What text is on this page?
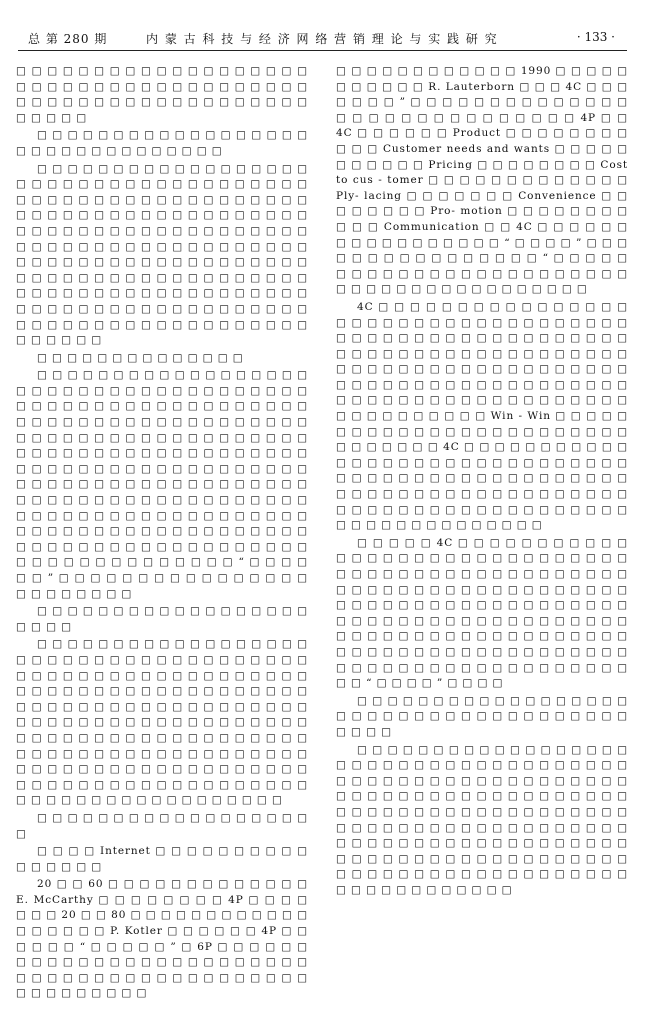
总 第 280 期	内 蒙 古 科 技 与 经 济 网 络 营 销 理 论 与 实 践 研 究	· 133 ·

□ □ □ □ □ □ □ □ □ □ □ □ □ □ □ □ □ □ □ □ □ □ □ □ □ □ □ □ □ □ □ □ □ □ □ □ □ □ □ □ □ □ □ □ □ □ □ □ □ □ □ □ □ □ □ □ □ □ □ □ □ □

□ □ □ □ □ □ □ □ □ □ □ □ □ □ □ □ □ □ □ □ □ □ □ □ □ □ □ □ □ □ □ □

□ □ □ □ □ □ □ □ □ □ □ □ □ □ □ □ □ □ □ □ □ □ □ □ □ □ □ □ □ □ □ □ □ □ □ □ □ □ □ □ □ □ □ □ □ □ □ □ □ □ □ □ □ □ □ □ □ □ □ □ □ □ □ □ □ □ □ □ □ □ □ □ □ □ □ □ □ □ □ □ □ □ □ □ □ □ □ □ □ □ □ □ □ □ □ □ □ □ □ □ □ □ □ □ □ □ □ □ □ □ □ □ □ □ □ □ □ □ □ □ □ □ □ □ □ □ □ □ □ □ □ □ □ □ □ □ □ □ □ □ □ □ □ □ □ □ □ □ □ □ □ □ □ □ □ □ □ □ □ □ □ □ □ □ □ □ □ □ □ □ □ □ □ □ □ □ □ □ □ □ □ □ □ □ □ □ □ □ □ □ □ □ □ □ □ □ □ □ □ □ □ □ □ □ □ □ □ □ □ □ □ □ □ □

□ □ □ □ □ □ □ □ □ □ □ □ □ □

□ □ □ □ □ □ □ □ □ □ □ □ □ □ □ □ □ □ □ □ □ □ □ □ □ □ □ □ □ □ □ □ □ □ □ □ □ □ □ □ □ □ □ □ □ □ □ □ □ □ □ □ □ □ □ □ □ □ □ □ □ □ □ □ □ □ □ □ □ □ □ □ □ □ □ □ □ □ □ □ □ □ □ □ □ □ □ □ □ □ □ □ □ □ □ □ □ □ □ □ □ □ □ □ □ □ □ □ □ □ □ □ □ □ □ □ □ □ □ □ □ □ □ □ □ □ □ □ □ □ □ □ □ □ □ □ □ □ □ □ □ □ □ □ □ □ □ □ □ □ □ □ □ □ □ □ □ □ □ □ □ □ □ □ □ □ □ □ □ □ □ □ □ □ □ □ □ □ □ □ □ □ □ □ □ □ □ □ □ □ □ □ □ □ □ □ □ □ □ □ □ □ □ □ □ □ □ □ □ □ □ □ □ □ □ □ □ □ □ □ □ □ □ □ □ □ □ □ □ □ □ □ □ □ □ □ □ □ □ □ □ “ □ □ □ □ □ □ ” □ □ □ □ □ □ □ □ □ □ □ □ □ □ □ □ □ □ □ □ □ □ □ □

□ □ □ □ □ □ □ □ □ □ □ □ □ □ □ □ □ □ □ □ □ □

□ □ □ □ □ □ □ □ □ □ □ □ □ □ □ □ □ □ □ □ □ □ □ □ □ □ □ □ □ □ □ □ □ □ □ □ □ □ □ □ □ □ □ □ □ □ □ □ □ □ □ □ □ □ □ □ □ □ □ □ □ □ □ □ □ □ □ □ □ □ □ □ □ □ □ □ □ □ □ □ □ □ □ □ □ □ □ □ □ □ □ □ □ □ □ □ □ □ □ □ □ □ □ □ □ □ □ □ □ □ □ □ □ □ □ □ □ □ □ □ □ □ □ □ □ □ □ □ □ □ □ □ □ □ □ □ □ □ □ □ □ □ □ □ □ □ □ □ □ □ □ □ □ □ □ □ □ □ □ □ □ □ □ □ □ □ □ □ □ □ □ □ □ □ □ □ □ □ □ □ □ □ □ □ □ □ □ □ □ □ □ □ □ □ □ □ □ □ □ □ □ □ □ □ □ □ □

□ □ □ □ □ □ □ □ □ □ □ □ □ □ □ □ □ □ □

□ □ □ □ Internet □ □ □ □ □ □ □ □ □ □ □ □ □ □ □ □

20 □ □ 60 □ □ □ □ □ □ □ □ □ □ □ □ □ E. McCarthy □ □ □ □ □ □ □ □ 4P □ □ □ □ □ □ □ 20 □ □ 80 □ □ □ □ □ □ □ □ □ □ □ □ □ □ □ □ □ □ P. Kotler □ □ □ □ □ □ 4P □ □ □ □ □ □ “ □ □ □ □ □ ” □ 6P □ □ □ □ □ □ □ □ □ □ □ □ □ □ □ □ □ □ □ □ □ □ □ □ □ □ □ □ □ □ □ □ □ □ □ □ □ □ □ □ □ □ □ □ □ □ □ □ □ □ □ □ □

□ □ □ □ □ □ □ □ □ □ □ □ 1990 □ □ □ □ □ □ □ □ □ □ □ R. Lauterborn □ □ □ 4C □ □ □ □ □ □ □ ” □ □ □ □ □ □ □ □ □ □ □ □ □ □ □ □ □ □ □ □ □ □ □ □ □ □ □ □ □ 4P □ □ 4C □ □ □ □ □ □ Product □ □ □ □ □ □ □ □ □ □ □ Customer needs and wants □ □ □ □ □ □ □ □ □ □ □ Pricing □ □ □ □ □ □ □ □ Cost to cus - tomer □ □ □ □ □ □ □ □ □ □ □ □ □ Ply- lacing □ □ □ □ □ □ □ Convenience □ □ □ □ □ □ □ □ Pro- motion □ □ □ □ □ □ □ □ □ □ □ Communication □ □ 4C □ □ □ □ □ □ □ □ □ □ □ □ □ □ □ □ □ “ □ □ □ □ ” □ □ □ □ □ □ □ □ □ □ □ □ □ □ □ □ “ □ □ □ □ □ □ □ □ □ □ □ □ □ □ □ □ □ □ □ □ □ □ □ □ □ □ □ □ □ □ □ □ □ □ □ □ □ □ □ □ □

4C □ □ □ □ □ □ □ □ □ □ □ □ □ □ □ □ □ □ □ □ □ □ □ □ □ □ □ □ □ □ □ □ □ □ □ □ □ □ □ □ □ □ □ □ □ □ □ □ □ □ □ □ □ □ □ □ □ □ □ □ □ □ □ □ □ □ □ □ □ □ □ □ □ □ □ □ □ □ □ □ □ □ □ □ □ □ □ □ □ □ □ □ □ □ □ □ □ □ □ □ □ □ □ □ □ □ □ □ □ □ □ □ □ □ □ □ □ □ □ □ □ □ □ □ □ □ □ □ □ □ □ □ □ □ □ □ □ □ □ □ Win - Win □ □ □ □ □ □ □ □ □ □ □ □ □ □ □ □ □ □ □ □ □ □ □ □ □ □ □ □ □ □ □ 4C □ □ □ □ □ □ □ □ □ □ □ □ □ □ □ □ □ □ □ □ □ □ □ □ □ □ □ □ □ □ □ □ □ □ □ □ □ □ □ □ □ □ □ □ □ □ □ □ □ □ □ □ □ □ □ □ □ □ □ □ □ □ □ □ □ □ □ □ □ □ □ □ □ □ □ □ □ □ □ □ □ □ □ □ □ □ □ □ □ □ □ □ □ □ □ □ □ □ □ □ □

□ □ □ □ □ 4C □ □ □ □ □ □ □ □ □ □ □ □ □ □ □ □ □ □ □ □ □ □ □ □ □ □ □ □ □ □ □ □ □ □ □ □ □ □ □ □ □ □ □ □ □ □ □ □ □ □ □ □ □ □ □ □ □ □ □ □ □ □ □ □ □ □ □ □ □ □ □ □ □ □ □ □ □ □ □ □ □ □ □ □ □ □ □ □ □ □ □ □ □ □ □ □ □ □ □ □ □ □ □ □ □ □ □ □ □ □ □ □ □ □ □ □ □ □ □ □ □ □ □ □ □ □ □ □ □ □ □ □ □ □ □ □ □ □ □ □ □ □ □ □ □ □ □ □ □ □ □ □ □ □ □ □ □ □ □ □ □ □ □ □ □ “ □ □ □ □ ” □ □ □ □

□ □ □ □ □ □ □ □ □ □ □ □ □ □ □ □ □ □ □ □ □ □ □ □ □ □ □ □ □ □ □ □ □ □ □ □ □ □ □ □ □

□ □ □ □ □ □ □ □ □ □ □ □ □ □ □ □ □ □ □ □ □ □ □ □ □ □ □ □ □ □ □ □ □ □ □ □ □ □ □ □ □ □ □ □ □ □ □ □ □ □ □ □ □ □ □ □ □ □ □ □ □ □ □ □ □ □ □ □ □ □ □ □ □ □ □ □ □ □ □ □ □ □ □ □ □ □ □ □ □ □ □ □ □ □ □ □ □ □ □ □ □ □ □ □ □ □ □ □ □ □ □ □ □ □ □ □ □ □ □ □ □ □ □ □ □ □ □ □ □ □ □ □ □ □ □ □ □ □ □ □ □ □ □ □ □ □ □ □ □ □ □ □ □ □ □ □ □ □ □ □ □ □ □ □ □ □ □ □ □ □ □ □ □ □ □ □ □ □ □ □ □ □
